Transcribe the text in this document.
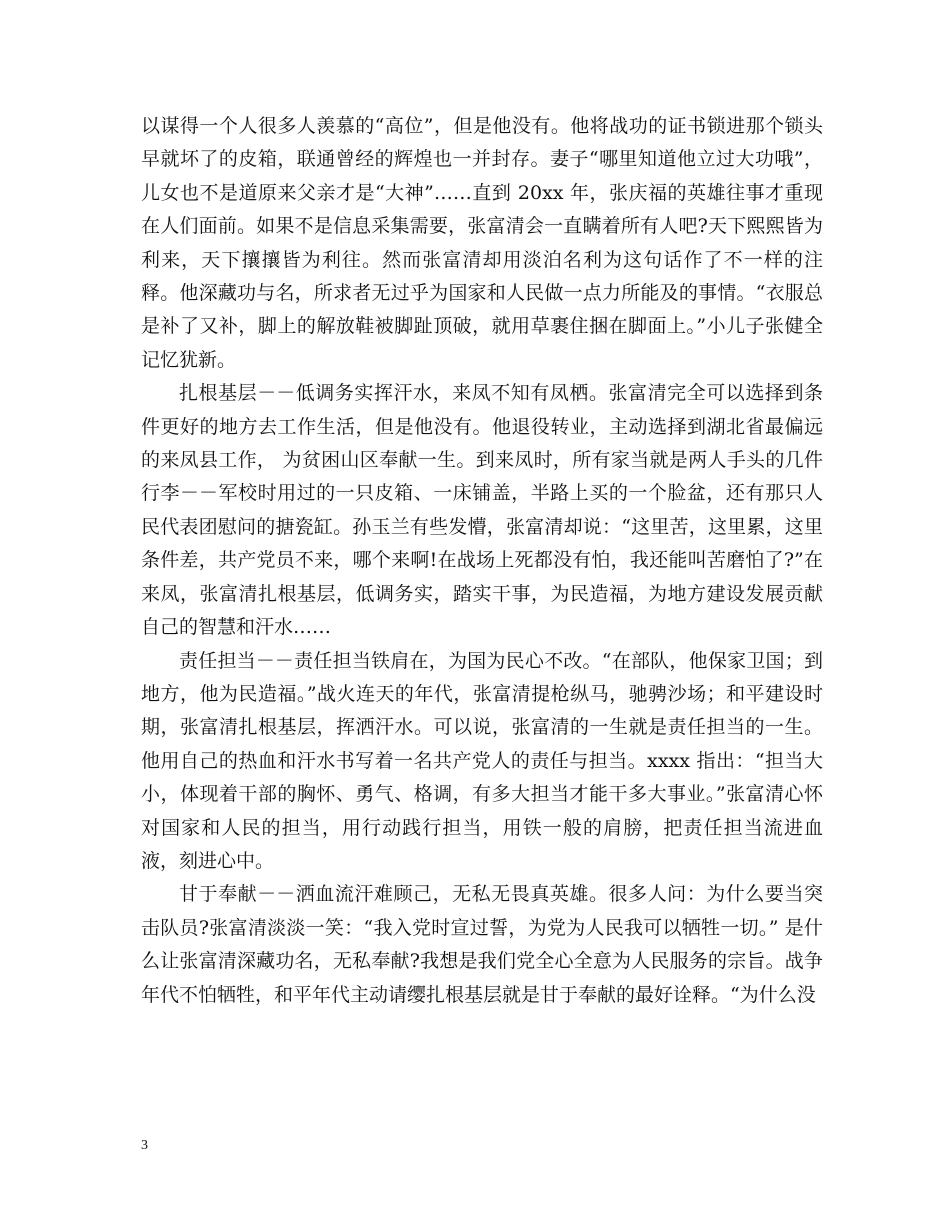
以谋得一个人很多人羡慕的“高位”，但是他没有。他将战功的证书锁进那个锁头早就坏了的皮箱，联通曾经的辉煌也一并封存。妻子“哪里知道他立过大功哦”，儿女也不是道原来父亲才是“大神”……直到 20xx 年，张庆福的英雄往事才重现在人们面前。如果不是信息采集需要，张富清会一直瞒着所有人吧?天下熙熙皆为利来，天下攘攘皆为利往。然而张富清却用淡泊名利为这句话作了不一样的注释。他深藏功与名，所求者无过乎为国家和人民做一点力所能及的事情。“衣服总是补了又补，脚上的解放鞋被脚趾顶破，就用草裹住捆在脚面上。”小儿子张健全记忆犹新。

扎根基层－－低调务实挥汗水，来凤不知有凤栖。张富清完全可以选择到条件更好的地方去工作生活，但是他没有。他退役转业，主动选择到湖北省最偏远的来凤县工作， 为贫困山区奉献一生。到来凤时，所有家当就是两人手头的几件行李－－军校时用过的一只皮箱、一床铺盖，半路上买的一个脸盆，还有那只人民代表团慰问的搪瓷缸。孙玉兰有些发懵，张富清却说：“这里苦，这里累，这里条件差，共产党员不来，哪个来啊!在战场上死都没有怕，我还能叫苦磨怕了?”在来凤，张富清扎根基层，低调务实，踏实干事，为民造福，为地方建设发展贡献自己的智慧和汗水……

责任担当－－责任担当铁肩在，为国为民心不改。“在部队，他保家卫国；到地方，他为民造福。”战火连天的年代，张富清提枪纵马，驰骋沙场；和平建设时期，张富清扎根基层，挥洒汗水。可以说，张富清的一生就是责任担当的一生。他用自己的热血和汗水书写着一名共产党人的责任与担当。xxxx 指出：“担当大小，体现着干部的胸怀、勇气、格调，有多大担当才能干多大事业。”张富清心怀对国家和人民的担当，用行动践行担当，用铁一般的肩膀，把责任担当流进血液，刻进心中。

甘于奉献－－洒血流汗难顾己，无私无畏真英雄。很多人问：为什么要当突击队员?张富清淡淡一笑：“我入党时宣过誓，为党为人民我可以牺牲一切。” 是什么让张富清深藏功名，无私奉献?我想是我们党全心全意为人民服务的宗旨。战争年代不怕牺牲，和平年代主动请缨扎根基层就是甘于奉献的最好诠释。“为什么没

3
